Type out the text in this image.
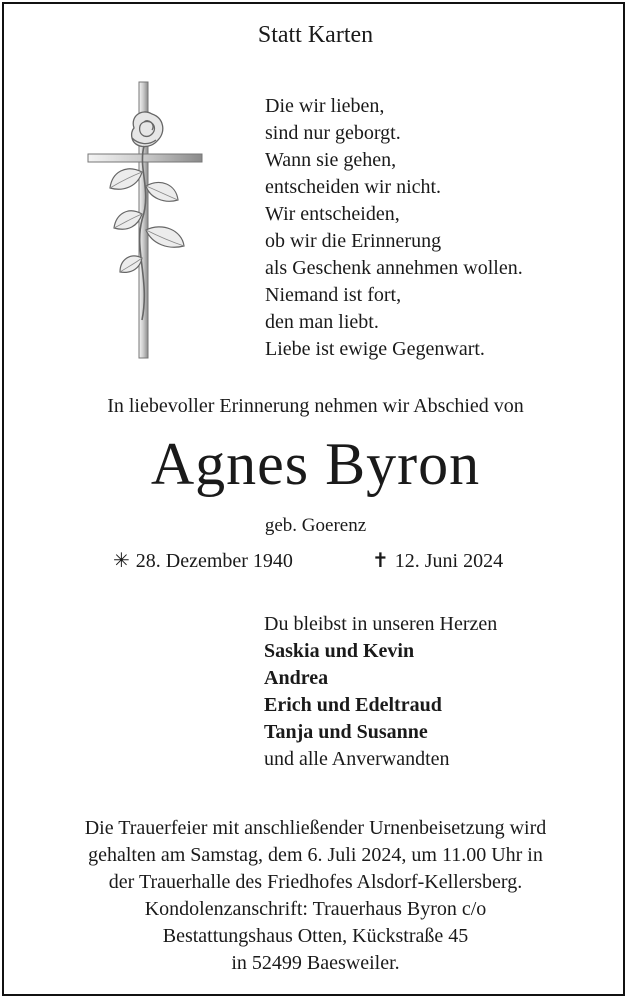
Statt Karten
Die wir lieben,
sind nur geborgt.
Wann sie gehen,
entscheiden wir nicht.
Wir entscheiden,
ob wir die Erinnerung
als Geschenk annehmen wollen.
Niemand ist fort,
den man liebt.
Liebe ist ewige Gegenwart.
In liebevoller Erinnerung nehmen wir Abschied von
Agnes Byron
geb. Goerenz
✳ 28. Dezember 1940	✝ 12. Juni 2024
Du bleibst in unseren Herzen
Saskia und Kevin
Andrea
Erich und Edeltraud
Tanja und Susanne
und alle Anverwandten
Die Trauerfeier mit anschließender Urnenbeisetzung wird
gehalten am Samstag, dem 6. Juli 2024, um 11.00 Uhr in
der Trauerhalle des Friedhofes Alsdorf-Kellersberg.
Kondolenzanschrift: Trauerhaus Byron c/o
Bestattungshaus Otten, Kückstraße 45
in 52499 Baesweiler.
